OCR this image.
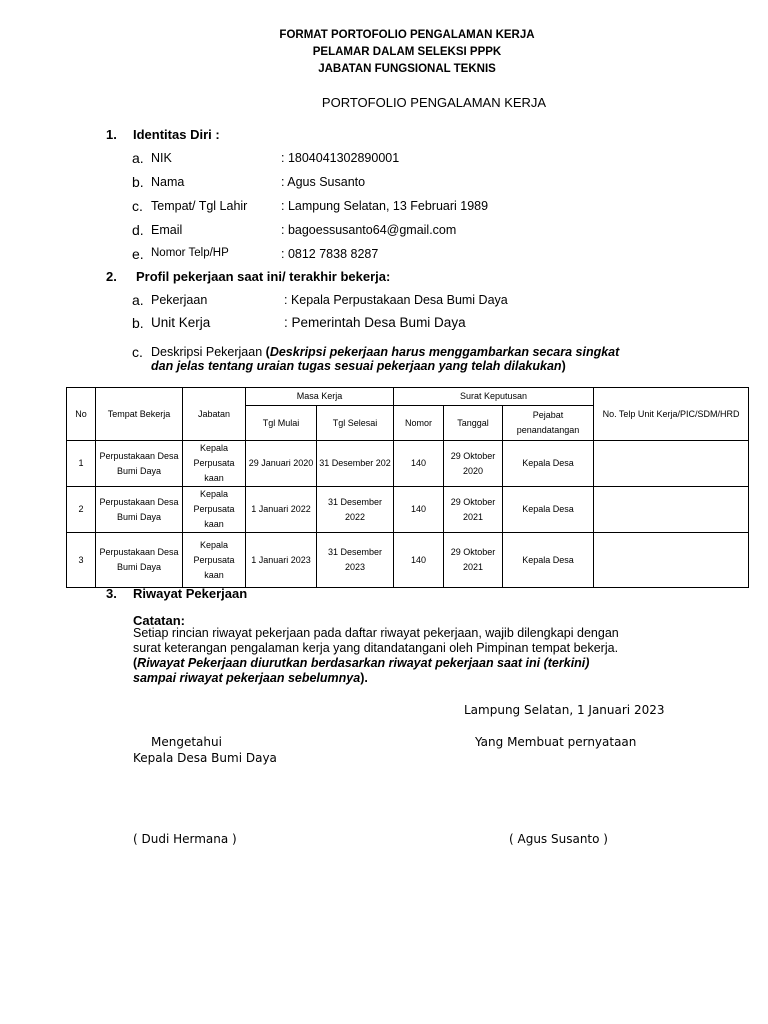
FORMAT PORTOFOLIO PENGALAMAN KERJA
PELAMAR DALAM SELEKSI PPPK
JABATAN FUNGSIONAL TEKNIS
PORTOFOLIO PENGALAMAN KERJA
1. Identitas Diri :
a. NIK	: 1804041302890001
b. Nama	: Agus Susanto
c. Tempat/ Tgl Lahir	: Lampung Selatan, 13 Februari 1989
d. Email	: bagoessusanto64@gmail.com
e. Nomor Telp/HP	: 0812 7838 8287
2. Profil pekerjaan saat ini/ terakhir bekerja:
a. Pekerjaan	: Kepala Perpustakaan Desa Bumi Daya
b. Unit Kerja	: Pemerintah Desa Bumi Daya
c. Deskripsi Pekerjaan (Deskripsi pekerjaan harus menggambarkan secara singkat
dan jelas tentang uraian tugas sesuai pekerjaan yang telah dilakukan)
No	Tempat Bekerja	Jabatan	Masa Kerja		Surat Keputusan			No. Telp Unit Kerja/PIC/SDM/HRD
			Tgl Mulai	Tgl Selesai	Nomor	Tanggal	Pejabat penandatangan	
1	Perpustakaan Desa Bumi Daya	Kepala Perpusata kaan	29 Januari 2020	31 Desember 202	140	29 Oktober 2020	Kepala Desa	
2	Perpustakaan Desa Bumi Daya	Kepala Perpusata kaan	1 Januari 2022	31 Desember 2022	140	29 Oktober 2021	Kepala Desa	
3	Perpustakaan Desa Bumi Daya	Kepala Perpusata kaan	1 Januari 2023	31 Desember 2023	140	29 Oktober 2021	Kepala Desa	
3. Riwayat Pekerjaan
Catatan:
Setiap rincian riwayat pekerjaan pada daftar riwayat pekerjaan, wajib dilengkapi dengan
surat keterangan pengalaman kerja yang ditandatangani oleh Pimpinan tempat bekerja.
(Riwayat Pekerjaan diurutkan berdasarkan riwayat pekerjaan saat ini (terkini)
sampai riwayat pekerjaan sebelumnya).
Lampung Selatan, 1 Januari 2023
Mengetahui	Yang Membuat pernyataan
Kepala Desa Bumi Daya
( Dudi Hermana )	( Agus Susanto )
